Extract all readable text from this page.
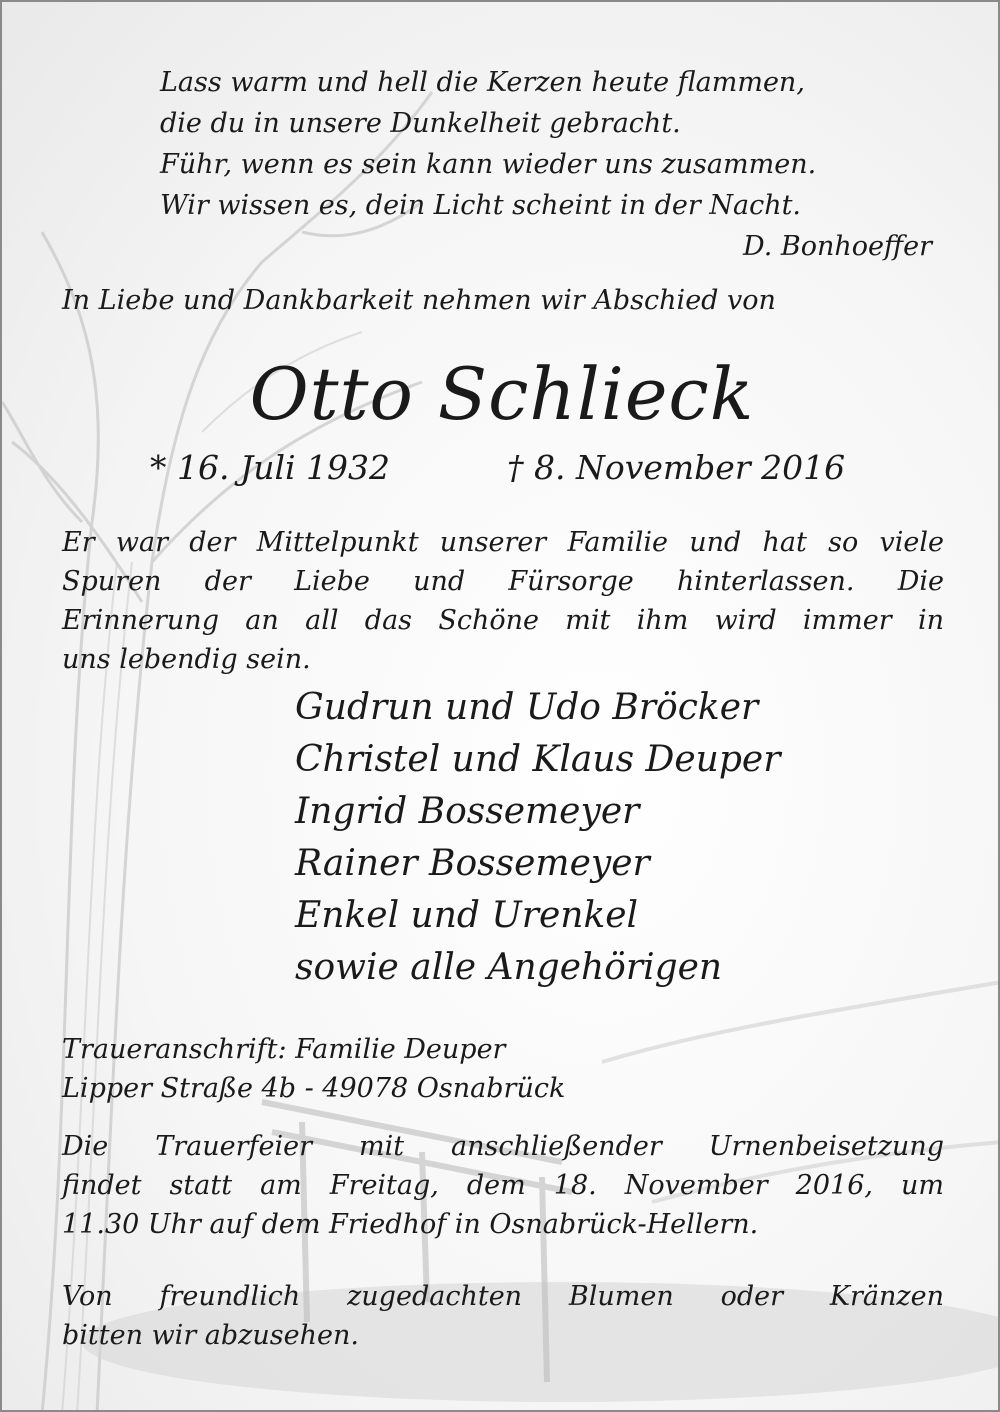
Lass warm und hell die Kerzen heute flammen,
die du in unsere Dunkelheit gebracht.
Führ, wenn es sein kann wieder uns zusammen.
Wir wissen es, dein Licht scheint in der Nacht.
D. Bonhoeffer
In Liebe und Dankbarkeit nehmen wir Abschied von
Otto Schlieck
* 16. Juli 1932	† 8. November 2016
Er war der Mittelpunkt unserer Familie und hat so viele
Spuren der Liebe und Fürsorge hinterlassen. Die
Erinnerung an all das Schöne mit ihm wird immer in
uns lebendig sein.
Gudrun und Udo Bröcker
Christel und Klaus Deuper
Ingrid Bossemeyer
Rainer Bossemeyer
Enkel und Urenkel
sowie alle Angehörigen
Traueranschrift: Familie Deuper
Lipper Straße 4b - 49078 Osnabrück
Die Trauerfeier mit anschließender Urnenbeisetzung
findet statt am Freitag, dem 18. November 2016, um
11.30 Uhr auf dem Friedhof in Osnabrück-Hellern.
Von freundlich zugedachten Blumen oder Kränzen
bitten wir abzusehen.
